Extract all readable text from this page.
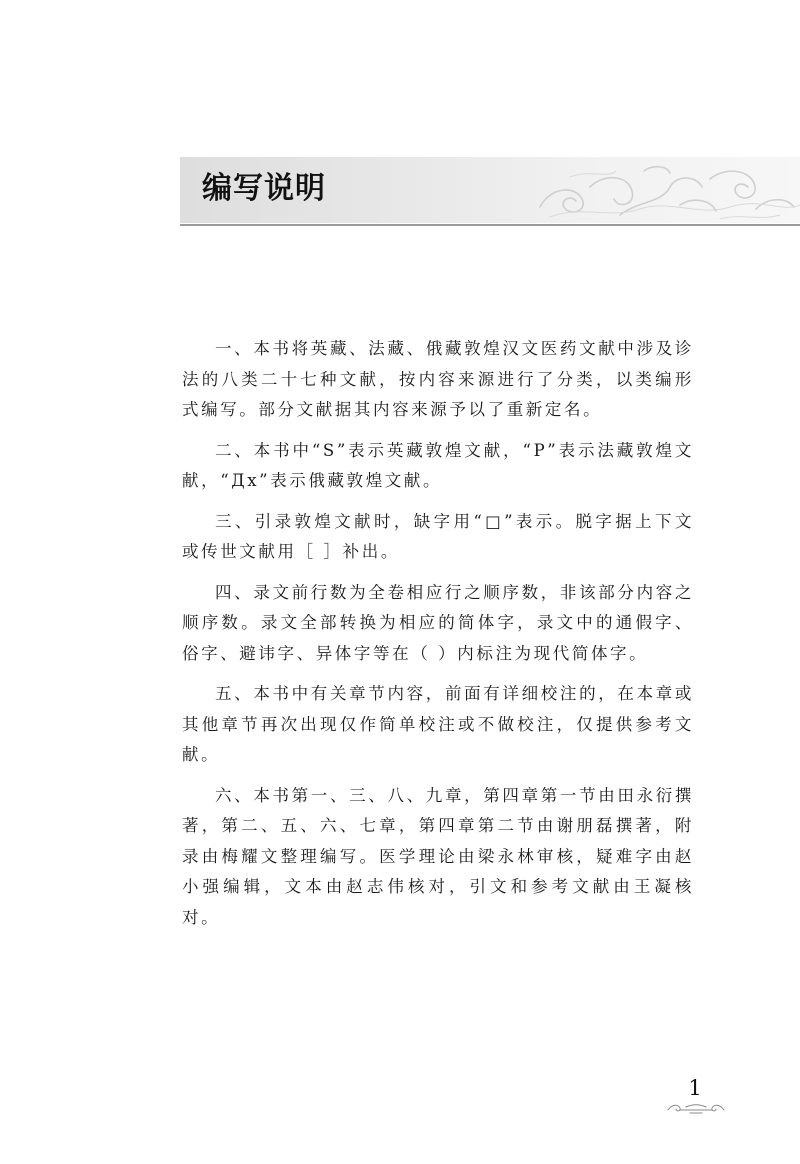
编写说明

一、本书将英藏、法藏、俄藏敦煌汉文医药文献中涉及诊法的八类二十七种文献，按内容来源进行了分类，以类编形式编写。部分文献据其内容来源予以了重新定名。

二、本书中“S”表示英藏敦煌文献，“P”表示法藏敦煌文献，“Дx”表示俄藏敦煌文献。

三、引录敦煌文献时，缺字用“□”表示。脱字据上下文或传世文献用［ ］补出。

四、录文前行数为全卷相应行之顺序数，非该部分内容之顺序数。录文全部转换为相应的简体字，录文中的通假字、俗字、避讳字、异体字等在（ ）内标注为现代简体字。

五、本书中有关章节内容，前面有详细校注的，在本章或其他章节再次出现仅作简单校注或不做校注，仅提供参考文献。

六、本书第一、三、八、九章，第四章第一节由田永衍撰著，第二、五、六、七章，第四章第二节由谢朋磊撰著，附录由梅耀文整理编写。医学理论由梁永林审核，疑难字由赵小强编辑，文本由赵志伟核对，引文和参考文献由王凝核对。

1
